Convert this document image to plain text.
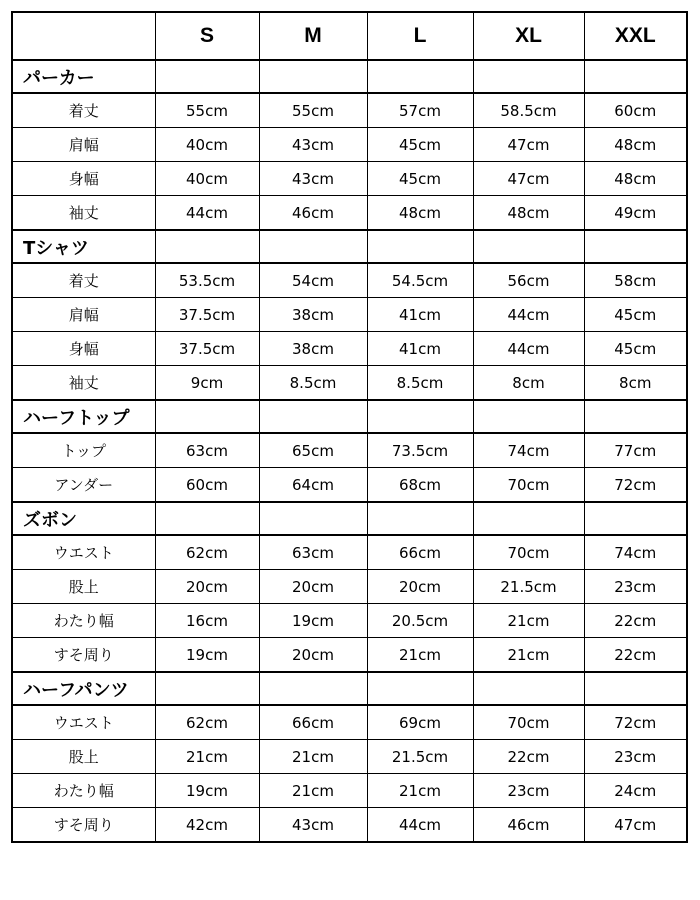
	S	M	L	XL	XXL
パーカー					
着丈	55cm	55cm	57cm	58.5cm	60cm
肩幅	40cm	43cm	45cm	47cm	48cm
身幅	40cm	43cm	45cm	47cm	48cm
袖丈	44cm	46cm	48cm	48cm	49cm
Tシャツ					
着丈	53.5cm	54cm	54.5cm	56cm	58cm
肩幅	37.5cm	38cm	41cm	44cm	45cm
身幅	37.5cm	38cm	41cm	44cm	45cm
袖丈	9cm	8.5cm	8.5cm	8cm	8cm
ハーフトップ					
トップ	63cm	65cm	73.5cm	74cm	77cm
アンダー	60cm	64cm	68cm	70cm	72cm
ズボン					
ウエスト	62cm	63cm	66cm	70cm	74cm
股上	20cm	20cm	20cm	21.5cm	23cm
わたり幅	16cm	19cm	20.5cm	21cm	22cm
すそ周り	19cm	20cm	21cm	21cm	22cm
ハーフパンツ					
ウエスト	62cm	66cm	69cm	70cm	72cm
股上	21cm	21cm	21.5cm	22cm	23cm
わたり幅	19cm	21cm	21cm	23cm	24cm
すそ周り	42cm	43cm	44cm	46cm	47cm
